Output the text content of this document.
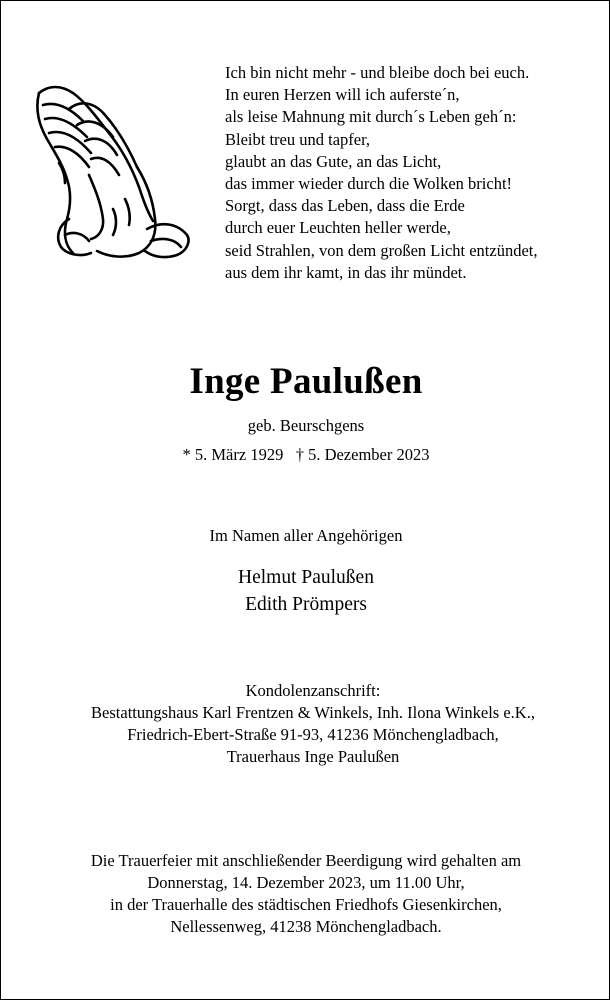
Ich bin nicht mehr - und bleibe doch bei euch.
In euren Herzen will ich auferste´n,
als leise Mahnung mit durch´s Leben geh´n:
Bleibt treu und tapfer,
glaubt an das Gute, an das Licht,
das immer wieder durch die Wolken bricht!
Sorgt, dass das Leben, dass die Erde
durch euer Leuchten heller werde,
seid Strahlen, von dem großen Licht entzündet,
aus dem ihr kamt, in das ihr mündet.
Inge Paulußen
geb. Beurschgens
* 5. März 1929   † 5. Dezember 2023
Im Namen aller Angehörigen
Helmut Paulußen
Edith Prömpers
Kondolenzanschrift:
Bestattungshaus Karl Frentzen & Winkels, Inh. Ilona Winkels e.K.,
Friedrich-Ebert-Straße 91-93, 41236 Mönchengladbach,
Trauerhaus Inge Paulußen
Die Trauerfeier mit anschließender Beerdigung wird gehalten am
Donnerstag, 14. Dezember 2023, um 11.00 Uhr,
in der Trauerhalle des städtischen Friedhofs Giesenkirchen,
Nellessenweg, 41238 Mönchengladbach.
